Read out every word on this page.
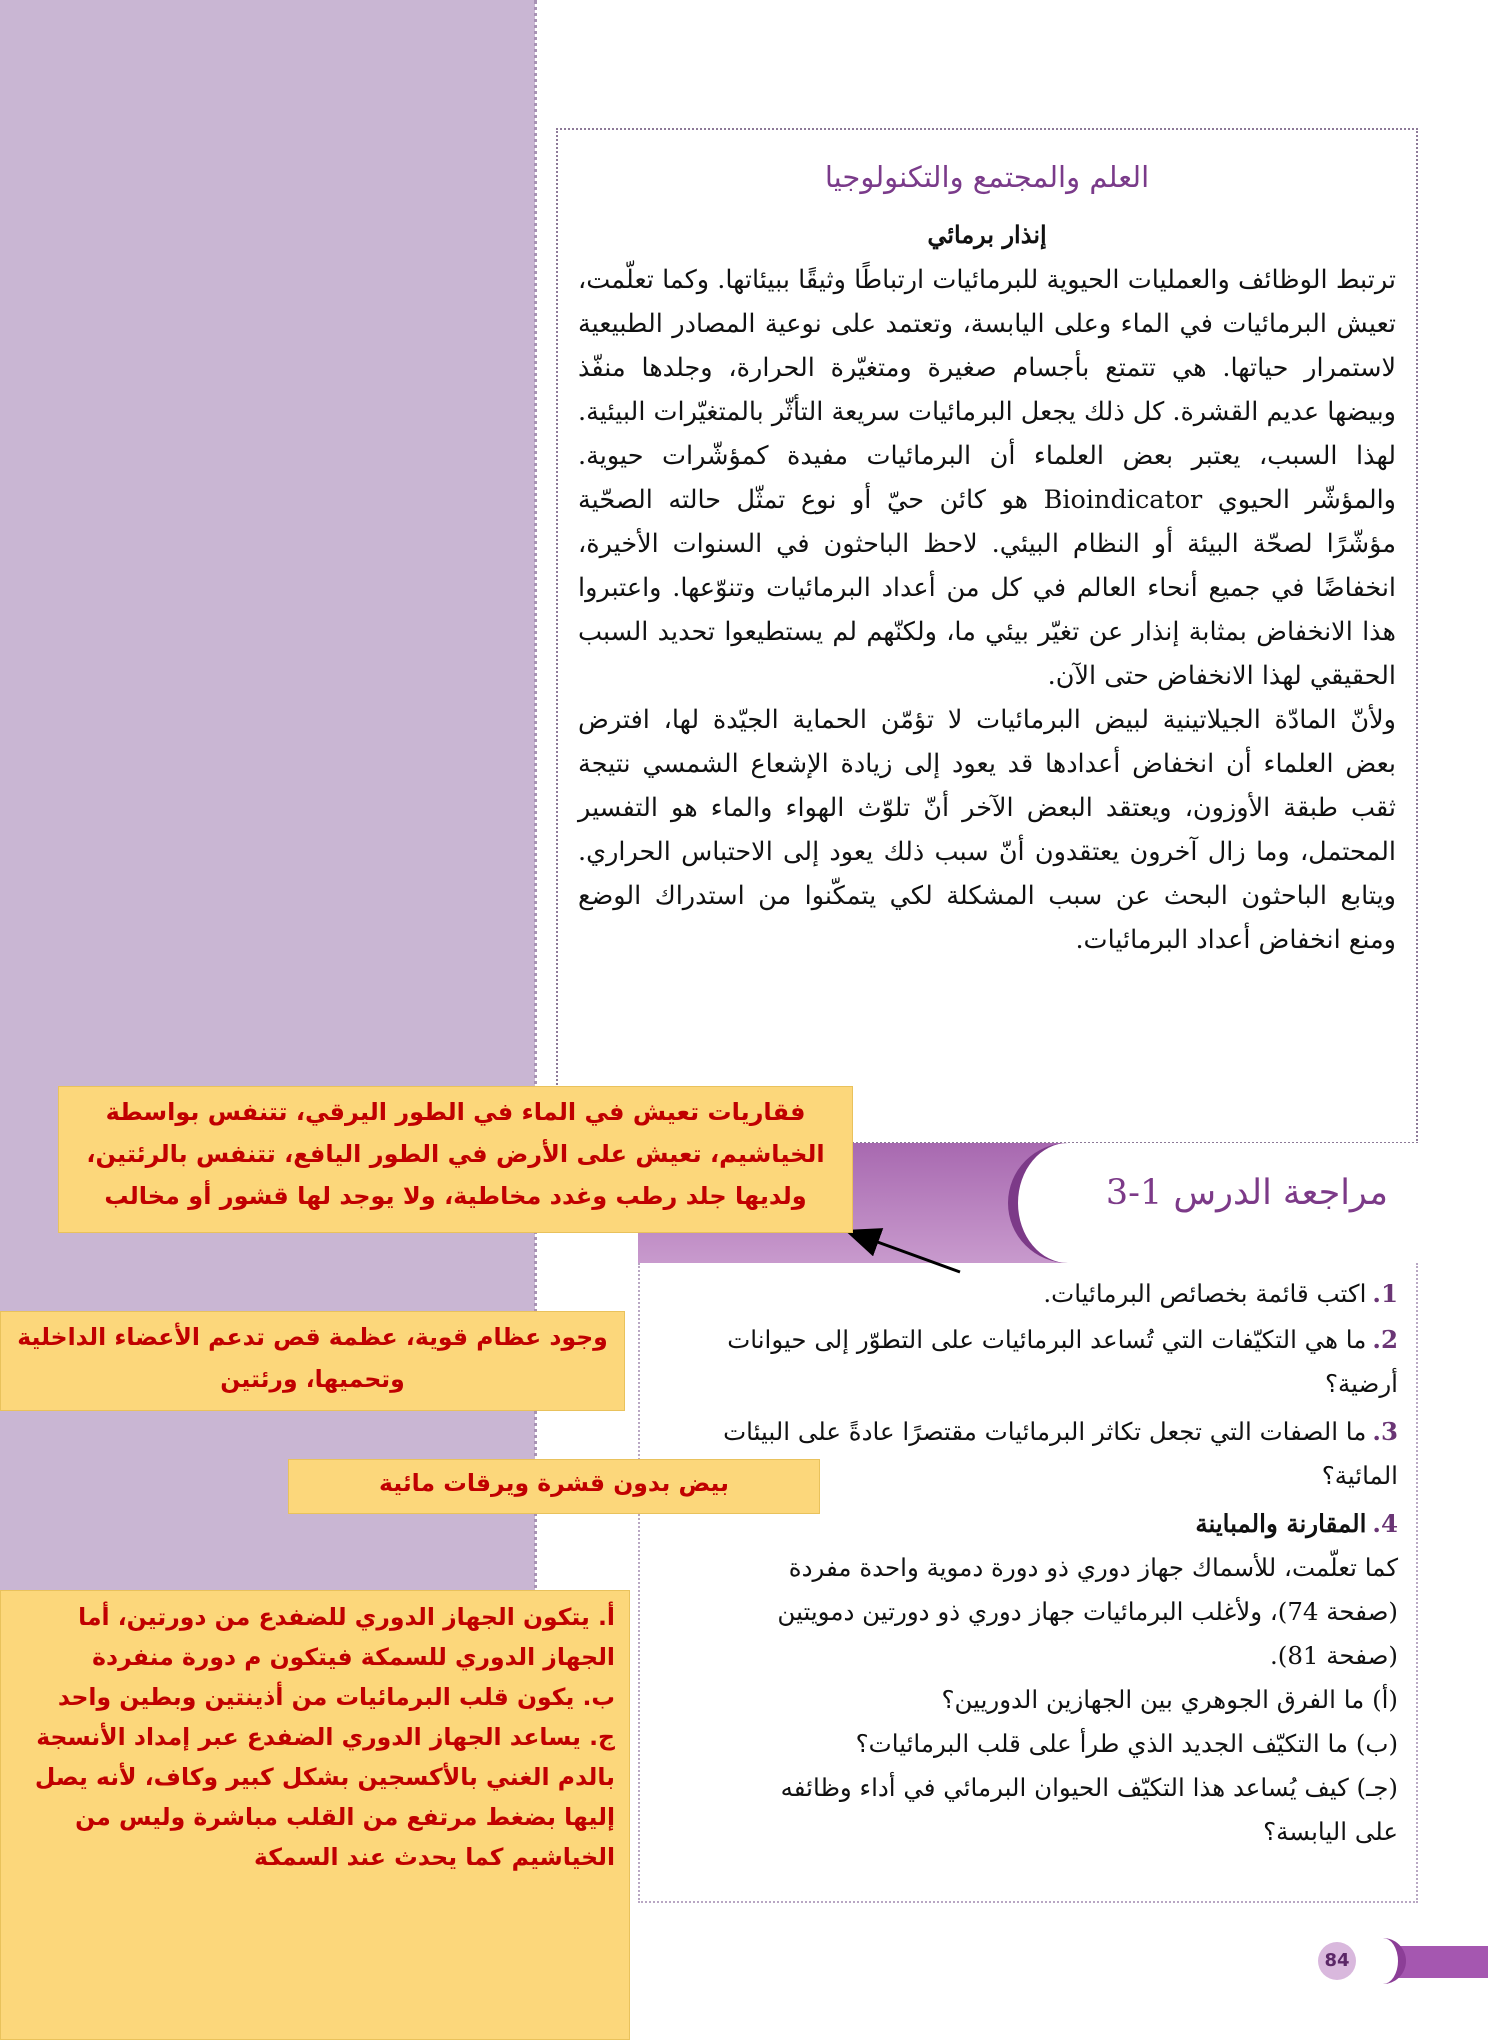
العلم والمجتمع والتكنولوجيا
إنذار برمائي

ترتبط الوظائف والعمليات الحيوية للبرمائيات ارتباطًا وثيقًا ببيئاتها. وكما تعلّمت، تعيش البرمائيات في الماء وعلى اليابسة، وتعتمد على نوعية المصادر الطبيعية لاستمرار حياتها. هي تتمتع بأجسام صغيرة ومتغيّرة الحرارة، وجلدها منفّذ وبيضها عديم القشرة. كل ذلك يجعل البرمائيات سريعة التأثّر بالمتغيّرات البيئية. لهذا السبب، يعتبر بعض العلماء أن البرمائيات مفيدة كمؤشّرات حيوية. والمؤشّر الحيوي Bioindicator هو كائن حيّ أو نوع تمثّل حالته الصحّية مؤشّرًا لصحّة البيئة أو النظام البيئي. لاحظ الباحثون في السنوات الأخيرة، انخفاضًا في جميع أنحاء العالم في كل من أعداد البرمائيات وتنوّعها. واعتبروا هذا الانخفاض بمثابة إنذار عن تغيّر بيئي ما، ولكنّهم لم يستطيعوا تحديد السبب الحقيقي لهذا الانخفاض حتى الآن.

ولأنّ المادّة الجيلاتينية لبيض البرمائيات لا تؤمّن الحماية الجيّدة لها، افترض بعض العلماء أن انخفاض أعدادها قد يعود إلى زيادة الإشعاع الشمسي نتيجة ثقب طبقة الأوزون، ويعتقد البعض الآخر أنّ تلوّث الهواء والماء هو التفسير المحتمل، وما زال آخرون يعتقدون أنّ سبب ذلك يعود إلى الاحتباس الحراري. ويتابع الباحثون البحث عن سبب المشكلة لكي يتمكّنوا من استدراك الوضع ومنع انخفاض أعداد البرمائيات.

مراجعة الدرس 1-3
1.اكتب قائمة بخصائص البرمائيات.
2.ما هي التكيّفات التي تُساعد البرمائيات على التطوّر إلى حيوانات
أرضية؟
3.ما الصفات التي تجعل تكاثر البرمائيات مقتصرًا عادةً على البيئات
المائية؟
4.المقارنة والمباينة
كما تعلّمت، للأسماك جهاز دوري ذو دورة دموية واحدة مفردة
(صفحة 74)، ولأغلب البرمائيات جهاز دوري ذو دورتين دمويتين
(صفحة 81).
(أ) ما الفرق الجوهري بين الجهازين الدوريين؟
(ب) ما التكيّف الجديد الذي طرأ على قلب البرمائيات؟
(جـ) كيف يُساعد هذا التكيّف الحيوان البرمائي في أداء وظائفه
على اليابسة؟
فقاريات تعيش في الماء في الطور اليرقي، تتنفس بواسطة الخياشيم، تعيش على الأرض في الطور اليافع، تتنفس بالرئتين، ولديها جلد رطب وغدد مخاطية، ولا يوجد لها قشور أو مخالب
وجود عظام قوية، عظمة قص تدعم الأعضاء الداخلية وتحميها، ورئتين
بيض بدون قشرة ويرقات مائية
أ. يتكون الجهاز الدوري للضفدع من دورتين، أما الجهاز الدوري للسمكة فيتكون م دورة منفردة
ب. يكون قلب البرمائيات من أذينتين وبطين واحد
ج. يساعد الجهاز الدوري الضفدع عبر إمداد الأنسجة بالدم الغني بالأكسجين بشكل كبير وكاف، لأنه يصل إليها بضغط مرتفع من القلب مباشرة وليس من الخياشيم كما يحدث عند السمكة
84
